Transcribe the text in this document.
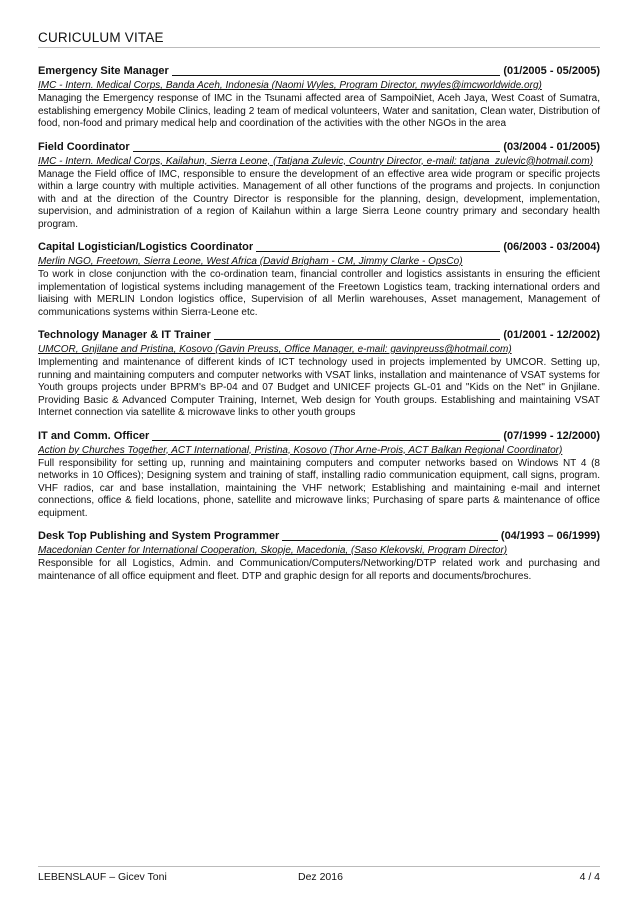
CURICULUM VITAE
Emergency Site Manager	(01/2005 - 05/2005)
IMC - Intern. Medical Corps, Banda Aceh, Indonesia (Naomi Wyles, Program Director, nwyles@imcworldwide.org)

Managing the Emergency response of IMC in the Tsunami affected area of SampoiNiet, Aceh Jaya, West Coast of Sumatra, establishing emergency Mobile Clinics, leading 2 team of medical volunteers, Water and sanitation, Clean water, Distribution of food, non-food and primary medical help and coordination of the activities with the other NGOs in the area

Field Coordinator	(03/2004 - 01/2005)
IMC - Intern. Medical Corps, Kailahun, Sierra Leone, (Tatjana Zulevic, Country Director, e-mail: tatjana_zulevic@hotmail.com)

Manage the Field office of IMC, responsible to ensure the development of an effective area wide program or specific projects within a large country with multiple activities. Management of all other functions of the programs and projects. In conjunction with and at the direction of the Country Director is responsible for the planning, design, development, implementation, supervision, and administration of a region of Kailahun within a large Sierra Leone country primary and secondary health program.

Capital Logistician/Logistics Coordinator	(06/2003 - 03/2004)
Merlin NGO, Freetown, Sierra Leone, West Africa (David Brigham - CM, Jimmy Clarke - OpsCo)

To work in close conjunction with the co-ordination team, financial controller and logistics assistants in ensuring the efficient implementation of logistical systems including management of the Freetown Logistics team, tracking international orders and liaising with MERLIN London logistics office, Supervision of all Merlin warehouses, Asset management, Management of communications systems within Sierra-Leone etc.

Technology Manager & IT Trainer	(01/2001 - 12/2002)
UMCOR, Gnjilane and Pristina, Kosovo (Gavin Preuss, Office Manager, e-mail: gavinpreuss@hotmail.com)

Implementing and maintenance of different kinds of ICT technology used in projects implemented by UMCOR. Setting up, running and maintaining computers and computer networks with VSAT links, installation and maintenance of VSAT systems for Youth groups projects under BPRM's BP-04 and 07 Budget and UNICEF projects GL-01 and "Kids on the Net" in Gnjilane. Providing Basic & Advanced Computer Training, Internet, Web design for Youth groups. Establishing and maintaining VSAT Internet connection via satellite & microwave links to other youth groups

IT and Comm. Officer	(07/1999 - 12/2000)
Action by Churches Together, ACT International, Pristina, Kosovo (Thor Arne-Prois, ACT Balkan Regional Coordinator)

Full responsibility for setting up, running and maintaining computers and computer networks based on Windows NT 4 (8 networks in 10 Offices); Designing system and training of staff, installing radio communication equipment, call signs, program. VHF radios, car and base installation, maintaining the VHF network; Establishing and maintaining e-mail and internet connections, office & field locations, phone, satellite and microwave links; Purchasing of spare parts & maintenance of office equipment.

Desk Top Publishing and System Programmer	(04/1993 – 06/1999)
Macedonian Center for International Cooperation, Skopje, Macedonia, (Saso Klekovski, Program Director)

Responsible for all Logistics, Admin. and Communication/Computers/Networking/DTP related work and purchasing and maintenance of all office equipment and fleet. DTP and graphic design for all reports and documents/brochures.

LEBENSLAUF – Gicev Toni	Dez 2016	4 / 4
